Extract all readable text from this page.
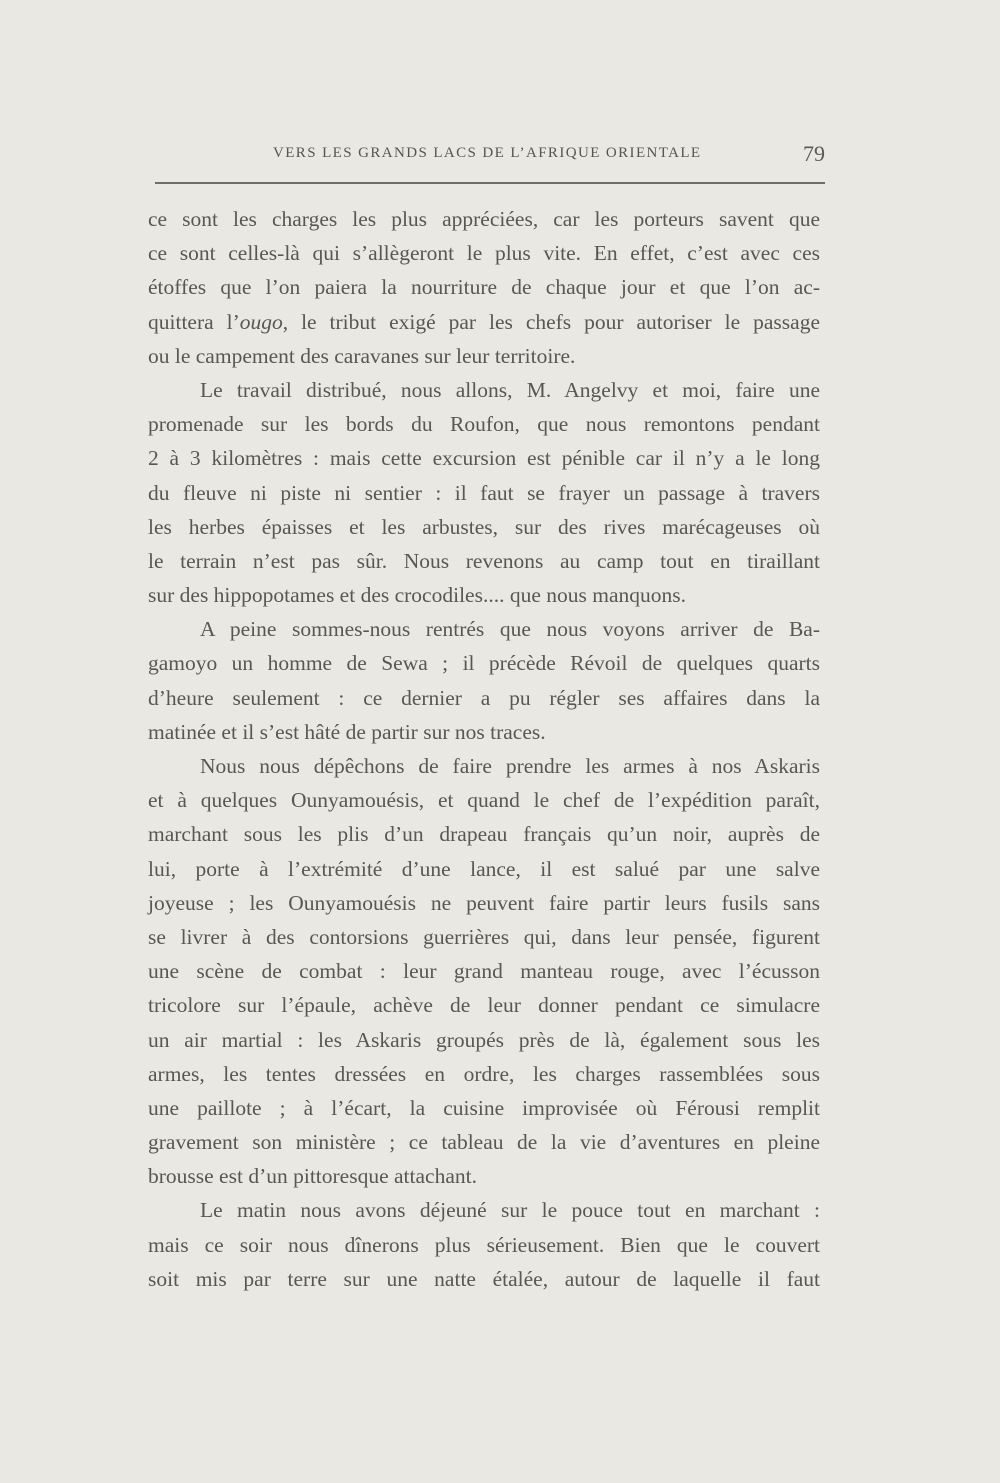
VERS LES GRANDS LACS DE L’AFRIQUE ORIENTALE	79
ce sont les charges les plus appréciées, car les porteurs savent que
ce sont celles-là qui s’allègeront le plus vite. En effet, c’est avec ces
étoffes que l’on paiera la nourriture de chaque jour et que l’on ac-
quittera l’ougo, le tribut exigé par les chefs pour autoriser le passage
ou le campement des caravanes sur leur territoire.
Le travail distribué, nous allons, M. Angelvy et moi, faire une
promenade sur les bords du Roufon, que nous remontons pendant
2 à 3 kilomètres : mais cette excursion est pénible car il n’y a le long
du fleuve ni piste ni sentier : il faut se frayer un passage à travers
les herbes épaisses et les arbustes, sur des rives marécageuses où
le terrain n’est pas sûr. Nous revenons au camp tout en tiraillant
sur des hippopotames et des crocodiles.... que nous manquons.
A peine sommes-nous rentrés que nous voyons arriver de Ba-
gamoyo un homme de Sewa ; il précède Révoil de quelques quarts
d’heure seulement : ce dernier a pu régler ses affaires dans la
matinée et il s’est hâté de partir sur nos traces.
Nous nous dépêchons de faire prendre les armes à nos Askaris
et à quelques Ounyamouésis, et quand le chef de l’expédition paraît,
marchant sous les plis d’un drapeau français qu’un noir, auprès de
lui, porte à l’extrémité d’une lance, il est salué par une salve
joyeuse ; les Ounyamouésis ne peuvent faire partir leurs fusils sans
se livrer à des contorsions guerrières qui, dans leur pensée, figurent
une scène de combat : leur grand manteau rouge, avec l’écusson
tricolore sur l’épaule, achève de leur donner pendant ce simulacre
un air martial : les Askaris groupés près de là, également sous les
armes, les tentes dressées en ordre, les charges rassemblées sous
une paillote ; à l’écart, la cuisine improvisée où Férousi remplit
gravement son ministère ; ce tableau de la vie d’aventures en pleine
brousse est d’un pittoresque attachant.
Le matin nous avons déjeuné sur le pouce tout en marchant :
mais ce soir nous dînerons plus sérieusement. Bien que le couvert
soit mis par terre sur une natte étalée, autour de laquelle il faut
